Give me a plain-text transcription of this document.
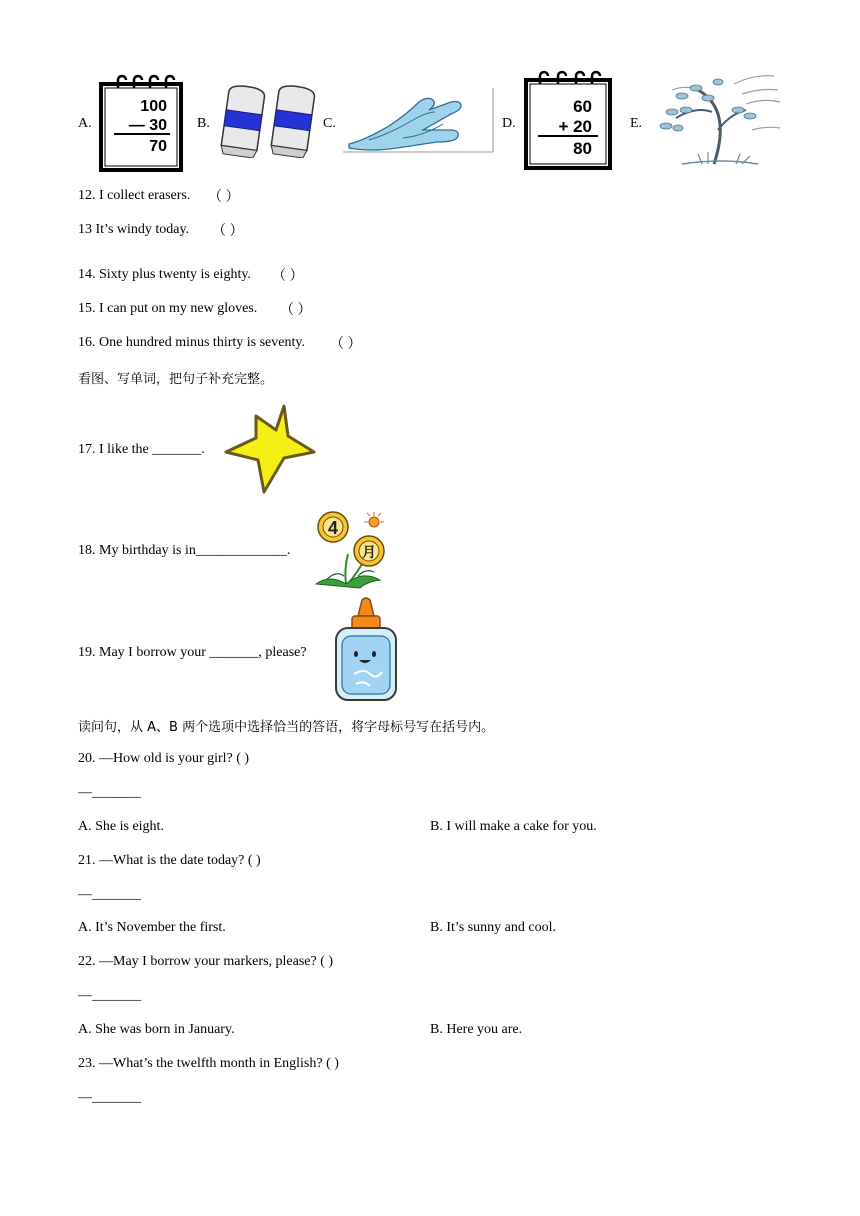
A.
100
— 30
70
B.	C.	D.
60
+ 20
80
E.
12. I collect erasers. （ ）
13 It’s windy today. （ ）
14. Sixty plus twenty is eighty. （ ）
15. I can put on my new gloves. （ ）
16. One hundred minus thirty is seventy. （ ）
看图、写单词，把句子补充完整。
17. I like the _______.
18. My birthday is in_____________.
4
月
19. May I borrow your _______, please?
读问句，从 A、B 两个选项中选择恰当的答语，将字母标号写在括号内。
20. —How old is your girl? ( )
—_______
A. She is eight.	B. I will make a cake for you.
21. —What is the date today? ( )
—_______
A. It’s November the first.	B. It’s sunny and cool.
22. —May I borrow your markers, please? ( )
—_______
A. She was born in January.	B. Here you are.
23. —What’s the twelfth month in English? ( )
—_______
